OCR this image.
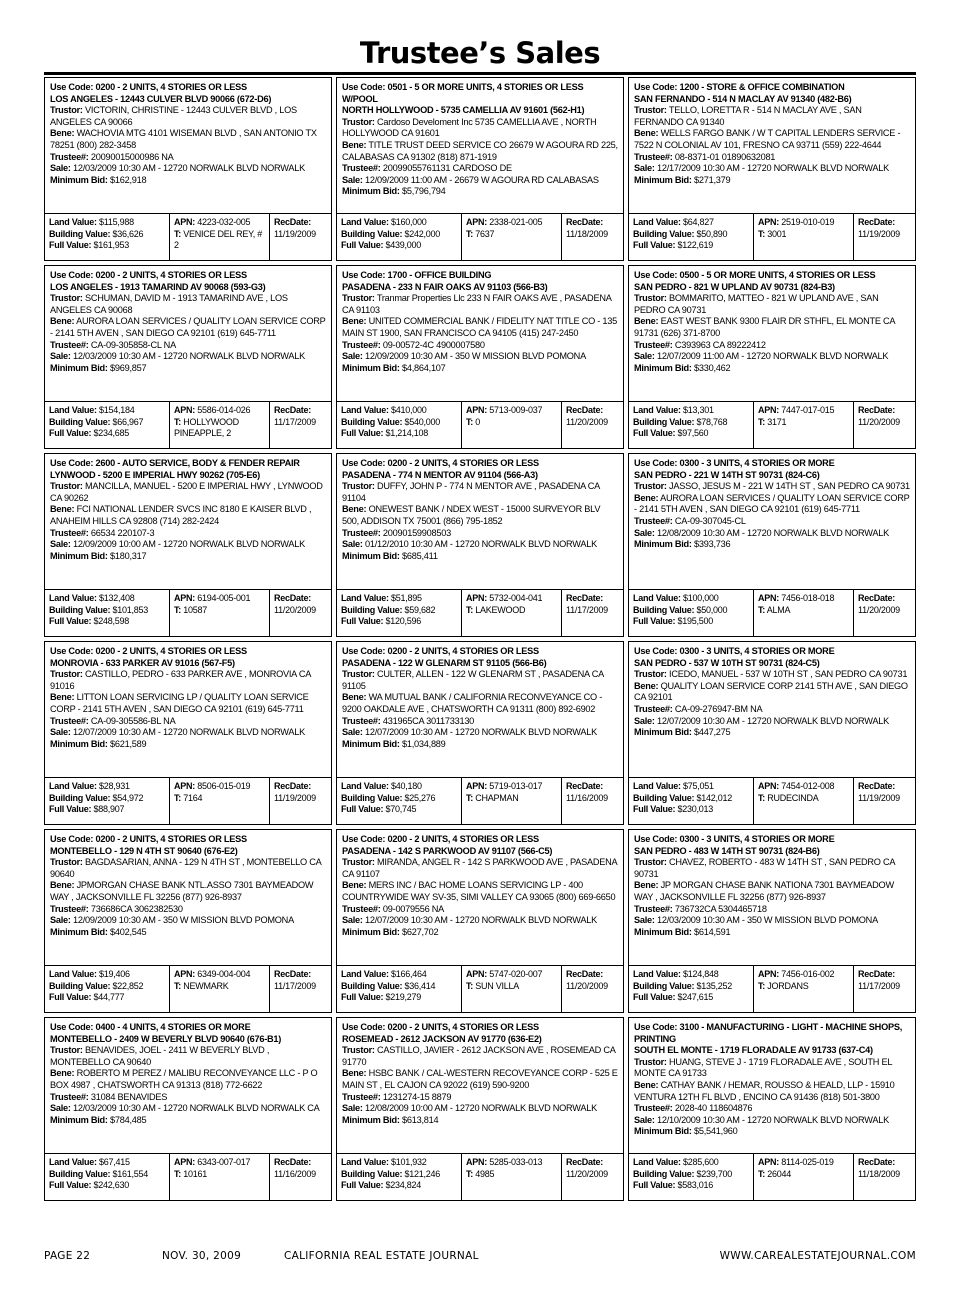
Trustee’s Sales
Use Code: 0200 - 2 UNITS, 4 STORIES OR LESS
LOS ANGELES - 12443 CULVER BLVD 90066 (672-D6)
Trustor: VICTORIN, CHRISTINE - 12443 CULVER BLVD , LOS ANGELES CA 90066
Bene: WACHOVIA MTG 4101 WISEMAN BLVD , SAN ANTONIO TX 78251 (800) 282-3458
Trustee#: 20090015000986 NA
Sale: 12/03/2009 10:30 AM - 12720 NORWALK BLVD NORWALK
Minimum Bid: $162,918
Land Value: $115,988
Building Value: $36,626
Full Value: $161,953
APN: 4223-032-005
T: VENICE DEL REY, # 2
RecDate:
11/19/2009
Use Code: 0501 - 5 OR MORE UNITS, 4 STORIES OR LESS W/POOL
NORTH HOLLYWOOD - 5735 CAMELLIA AV 91601 (562-H1)
Trustor: Cardoso Develoment Inc 5735 CAMELLIA AVE , NORTH HOLLYWOOD CA 91601
Bene: TITLE TRUST DEED SERVICE CO 26679 W AGOURA RD 225, CALABASAS CA 91302 (818) 871-1919
Trustee#: 20099055761131 CARDOSO DE
Sale: 12/09/2009 11:00 AM - 26679 W AGOURA RD CALABASAS
Minimum Bid: $5,796,794
Land Value: $160,000
Building Value: $242,000
Full Value: $439,000
APN: 2338-021-005
T: 7637
RecDate:
11/18/2009
Use Code: 1200 - STORE & OFFICE COMBINATION
SAN FERNANDO - 514 N MACLAY AV 91340 (482-B6)
Trustor: TELLO, LORETTA R - 514 N MACLAY AVE , SAN FERNANDO CA 91340
Bene: WELLS FARGO BANK / W T CAPITAL LENDERS SERVICE - 7522 N COLONIAL AV 101, FRESNO CA 93711 (559) 222-4644
Trustee#: 08-8371-01 01890632081
Sale: 12/17/2009 10:30 AM - 12720 NORWALK BLVD NORWALK
Minimum Bid: $271,379
Land Value: $64,827
Building Value: $50,890
Full Value: $122,619
APN: 2519-010-019
T: 3001
RecDate:
11/19/2009
Use Code: 0200 - 2 UNITS, 4 STORIES OR LESS
LOS ANGELES - 1913 TAMARIND AV 90068 (593-G3)
Trustor: SCHUMAN, DAVID M - 1913 TAMARIND AVE , LOS ANGELES CA 90068
Bene: AURORA LOAN SERVICES / QUALITY LOAN SERVICE CORP - 2141 5TH AVEN , SAN DIEGO CA 92101 (619) 645-7711
Trustee#: CA-09-305858-CL NA
Sale: 12/03/2009 10:30 AM - 12720 NORWALK BLVD NORWALK
Minimum Bid: $969,857
Land Value: $154,184
Building Value: $66,967
Full Value: $234,685
APN: 5586-014-026
T: HOLLYWOOD PINEAPPLE, 2
RecDate:
11/17/2009
Use Code: 1700 - OFFICE BUILDING
PASADENA - 233 N FAIR OAKS AV 91103 (566-B3)
Trustor: Tranmar Properties Llc 233 N FAIR OAKS AVE , PASADENA CA 91103
Bene: UNITED COMMERCIAL BANK / FIDELITY NAT TITLE CO - 135 MAIN ST 1900, SAN FRANCISCO CA 94105 (415) 247-2450
Trustee#: 09-00572-4C 4900007580
Sale: 12/09/2009 10:30 AM - 350 W MISSION BLVD POMONA
Minimum Bid: $4,864,107
Land Value: $410,000
Building Value: $540,000
Full Value: $1,214,108
APN: 5713-009-037
T: 0
RecDate:
11/20/2009
Use Code: 0500 - 5 OR MORE UNITS, 4 STORIES OR LESS
SAN PEDRO - 821 W UPLAND AV 90731 (824-B3)
Trustor: BOMMARITO, MATTEO - 821 W UPLAND AVE , SAN PEDRO CA 90731
Bene: EAST WEST BANK 9300 FLAIR DR STHFL, EL MONTE CA 91731 (626) 371-8700
Trustee#: C393963 CA 89222412
Sale: 12/07/2009 11:00 AM - 12720 NORWALK BLVD NORWALK
Minimum Bid: $330,462
Land Value: $13,301
Building Value: $78,768
Full Value: $97,560
APN: 7447-017-015
T: 3171
RecDate:
11/20/2009
Use Code: 2600 - AUTO SERVICE, BODY & FENDER REPAIR
LYNWOOD - 5200 E IMPERIAL HWY 90262 (705-E6)
Trustor: MANCILLA, MANUEL - 5200 E IMPERIAL HWY , LYNWOOD CA 90262
Bene: FCI NATIONAL LENDER SVCS INC 8180 E KAISER BLVD , ANAHEIM HILLS CA 92808 (714) 282-2424
Trustee#: 66534 220107-3
Sale: 12/09/2009 10:00 AM - 12720 NORWALK BLVD NORWALK
Minimum Bid: $180,317
Land Value: $132,408
Building Value: $101,853
Full Value: $248,598
APN: 6194-005-001
T: 10587
RecDate:
11/20/2009
Use Code: 0200 - 2 UNITS, 4 STORIES OR LESS
PASADENA - 774 N MENTOR AV 91104 (566-A3)
Trustor: DUFFY, JOHN P - 774 N MENTOR AVE , PASADENA CA 91104
Bene: ONEWEST BANK / NDEX WEST - 15000 SURVEYOR BLV 500, ADDISON TX 75001 (866) 795-1852
Trustee#: 20090159908503
Sale: 01/12/2010 10:30 AM - 12720 NORWALK BLVD NORWALK
Minimum Bid: $685,411
Land Value: $51,895
Building Value: $59,682
Full Value: $120,596
APN: 5732-004-041
T: LAKEWOOD
RecDate:
11/17/2009
Use Code: 0300 - 3 UNITS, 4 STORIES OR MORE
SAN PEDRO - 221 W 14TH ST 90731 (824-C6)
Trustor: JASSO, JESUS M - 221 W 14TH ST , SAN PEDRO CA 90731
Bene: AURORA LOAN SERVICES / QUALITY LOAN SERVICE CORP - 2141 5TH AVEN , SAN DIEGO CA 92101 (619) 645-7711
Trustee#: CA-09-307045-CL
Sale: 12/08/2009 10:30 AM - 12720 NORWALK BLVD NORWALK
Minimum Bid: $393,736
Land Value: $100,000
Building Value: $50,000
Full Value: $195,500
APN: 7456-018-018
T: ALMA
RecDate:
11/20/2009
Use Code: 0200 - 2 UNITS, 4 STORIES OR LESS
MONROVIA - 633 PARKER AV 91016 (567-F5)
Trustor: CASTILLO, PEDRO - 633 PARKER AVE , MONROVIA CA 91016
Bene: LITTON LOAN SERVICING LP / QUALITY LOAN SERVICE CORP - 2141 5TH AVEN , SAN DIEGO CA 92101 (619) 645-7711
Trustee#: CA-09-305586-BL NA
Sale: 12/07/2009 10:30 AM - 12720 NORWALK BLVD NORWALK
Minimum Bid: $621,589
Land Value: $28,931
Building Value: $54,972
Full Value: $88,907
APN: 8506-015-019
T: 7164
RecDate:
11/19/2009
Use Code: 0200 - 2 UNITS, 4 STORIES OR LESS
PASADENA - 122 W GLENARM ST 91105 (566-B6)
Trustor: CULTER, ALLEN - 122 W GLENARM ST , PASADENA CA 91105
Bene: WA MUTUAL BANK / CALIFORNIA RECONVEYANCE CO - 9200 OAKDALE AVE , CHATSWORTH CA 91311 (800) 892-6902
Trustee#: 431965CA 3011733130
Sale: 12/07/2009 10:30 AM - 12720 NORWALK BLVD NORWALK
Minimum Bid: $1,034,889
Land Value: $40,180
Building Value: $25,276
Full Value: $70,745
APN: 5719-013-017
T: CHAPMAN
RecDate:
11/16/2009
Use Code: 0300 - 3 UNITS, 4 STORIES OR MORE
SAN PEDRO - 537 W 10TH ST 90731 (824-C5)
Trustor: ICEDO, MANUEL - 537 W 10TH ST , SAN PEDRO CA 90731
Bene: QUALITY LOAN SERVICE CORP 2141 5TH AVE , SAN DIEGO CA 92101
Trustee#: CA-09-276947-BM NA
Sale: 12/07/2009 10:30 AM - 12720 NORWALK BLVD NORWALK
Minimum Bid: $447,275
Land Value: $75,051
Building Value: $142,012
Full Value: $230,013
APN: 7454-012-008
T: RUDECINDA
RecDate:
11/19/2009
Use Code: 0200 - 2 UNITS, 4 STORIES OR LESS
MONTEBELLO - 129 N 4TH ST 90640 (676-E2)
Trustor: BAGDASARIAN, ANNA - 129 N 4TH ST , MONTEBELLO CA 90640
Bene: JPMORGAN CHASE BANK NTL.ASSO 7301 BAYMEADOW WAY , JACKSONVILLE FL 32256 (877) 926-8937
Trustee#: 736686CA 3062382530
Sale: 12/09/2009 10:30 AM - 350 W MISSION BLVD POMONA
Minimum Bid: $402,545
Land Value: $19,406
Building Value: $22,852
Full Value: $44,777
APN: 6349-004-004
T: NEWMARK
RecDate:
11/17/2009
Use Code: 0200 - 2 UNITS, 4 STORIES OR LESS
PASADENA - 142 S PARKWOOD AV 91107 (566-C5)
Trustor: MIRANDA, ANGEL R - 142 S PARKWOOD AVE , PASADENA CA 91107
Bene: MERS INC / BAC HOME LOANS SERVICING LP - 400 COUNTRYWIDE WAY SV-35, SIMI VALLEY CA 93065 (800) 669-6650
Trustee#: 09-0079556 NA
Sale: 12/07/2009 10:30 AM - 12720 NORWALK BLVD NORWALK
Minimum Bid: $627,702
Land Value: $166,464
Building Value: $36,414
Full Value: $219,279
APN: 5747-020-007
T: SUN VILLA
RecDate:
11/20/2009
Use Code: 0300 - 3 UNITS, 4 STORIES OR MORE
SAN PEDRO - 483 W 14TH ST 90731 (824-B6)
Trustor: CHAVEZ, ROBERTO - 483 W 14TH ST , SAN PEDRO CA 90731
Bene: JP MORGAN CHASE BANK NATIONA 7301 BAYMEADOW WAY , JACKSONVILLE FL 32256 (877) 926-8937
Trustee#: 736732CA 5304465718
Sale: 12/03/2009 10:30 AM - 350 W MISSION BLVD POMONA
Minimum Bid: $614,591
Land Value: $124,848
Building Value: $135,252
Full Value: $247,615
APN: 7456-016-002
T: JORDANS
RecDate:
11/17/2009
Use Code: 0400 - 4 UNITS, 4 STORIES OR MORE
MONTEBELLO - 2409 W BEVERLY BLVD 90640 (676-B1)
Trustor: BENAVIDES, JOEL - 2411 W BEVERLY BLVD , MONTEBELLO CA 90640
Bene: ROBERTO M PEREZ / MALIBU RECONVEYANCE LLC - P O BOX 4987 , CHATSWORTH CA 91313 (818) 772-6622
Trustee#: 31084 BENAVIDES
Sale: 12/03/2009 10:30 AM - 12720 NORWALK BLVD NORWALK CA
Minimum Bid: $784,485
Land Value: $67,415
Building Value: $161,554
Full Value: $242,630
APN: 6343-007-017
T: 10161
RecDate:
11/16/2009
Use Code: 0200 - 2 UNITS, 4 STORIES OR LESS
ROSEMEAD - 2612 JACKSON AV 91770 (636-E2)
Trustor: CASTILLO, JAVIER - 2612 JACKSON AVE , ROSEMEAD CA 91770
Bene: HSBC BANK / CAL-WESTERN RECOVEYANCE CORP - 525 E MAIN ST , EL CAJON CA 92022 (619) 590-9200
Trustee#: 1231274-15 8879
Sale: 12/08/2009 10:00 AM - 12720 NORWALK BLVD NORWALK
Minimum Bid: $613,814
Land Value: $101,932
Building Value: $121,246
Full Value: $234,824
APN: 5285-033-013
T: 4985
RecDate:
11/20/2009
Use Code: 3100 - MANUFACTURING - LIGHT - MACHINE SHOPS, PRINTING
SOUTH EL MONTE - 1719 FLORADALE AV 91733 (637-C4)
Trustor: HUANG, STEVE J - 1719 FLORADALE AVE , SOUTH EL MONTE CA 91733
Bene: CATHAY BANK / HEMAR, ROUSSO & HEALD, LLP - 15910 VENTURA 12TH FL BLVD , ENCINO CA 91436 (818) 501-3800
Trustee#: 2028-40 118604876
Sale: 12/10/2009 10:30 AM - 12720 NORWALK BLVD NORWALK
Minimum Bid: $5,541,960
Land Value: $285,600
Building Value: $239,700
Full Value: $583,016
APN: 8114-025-019
T: 26044
RecDate:
11/18/2009
PAGE 22	NOV. 30, 2009	CALIFORNIA REAL ESTATE JOURNAL	WWW.CAREALESTATEJOURNAL.COM
